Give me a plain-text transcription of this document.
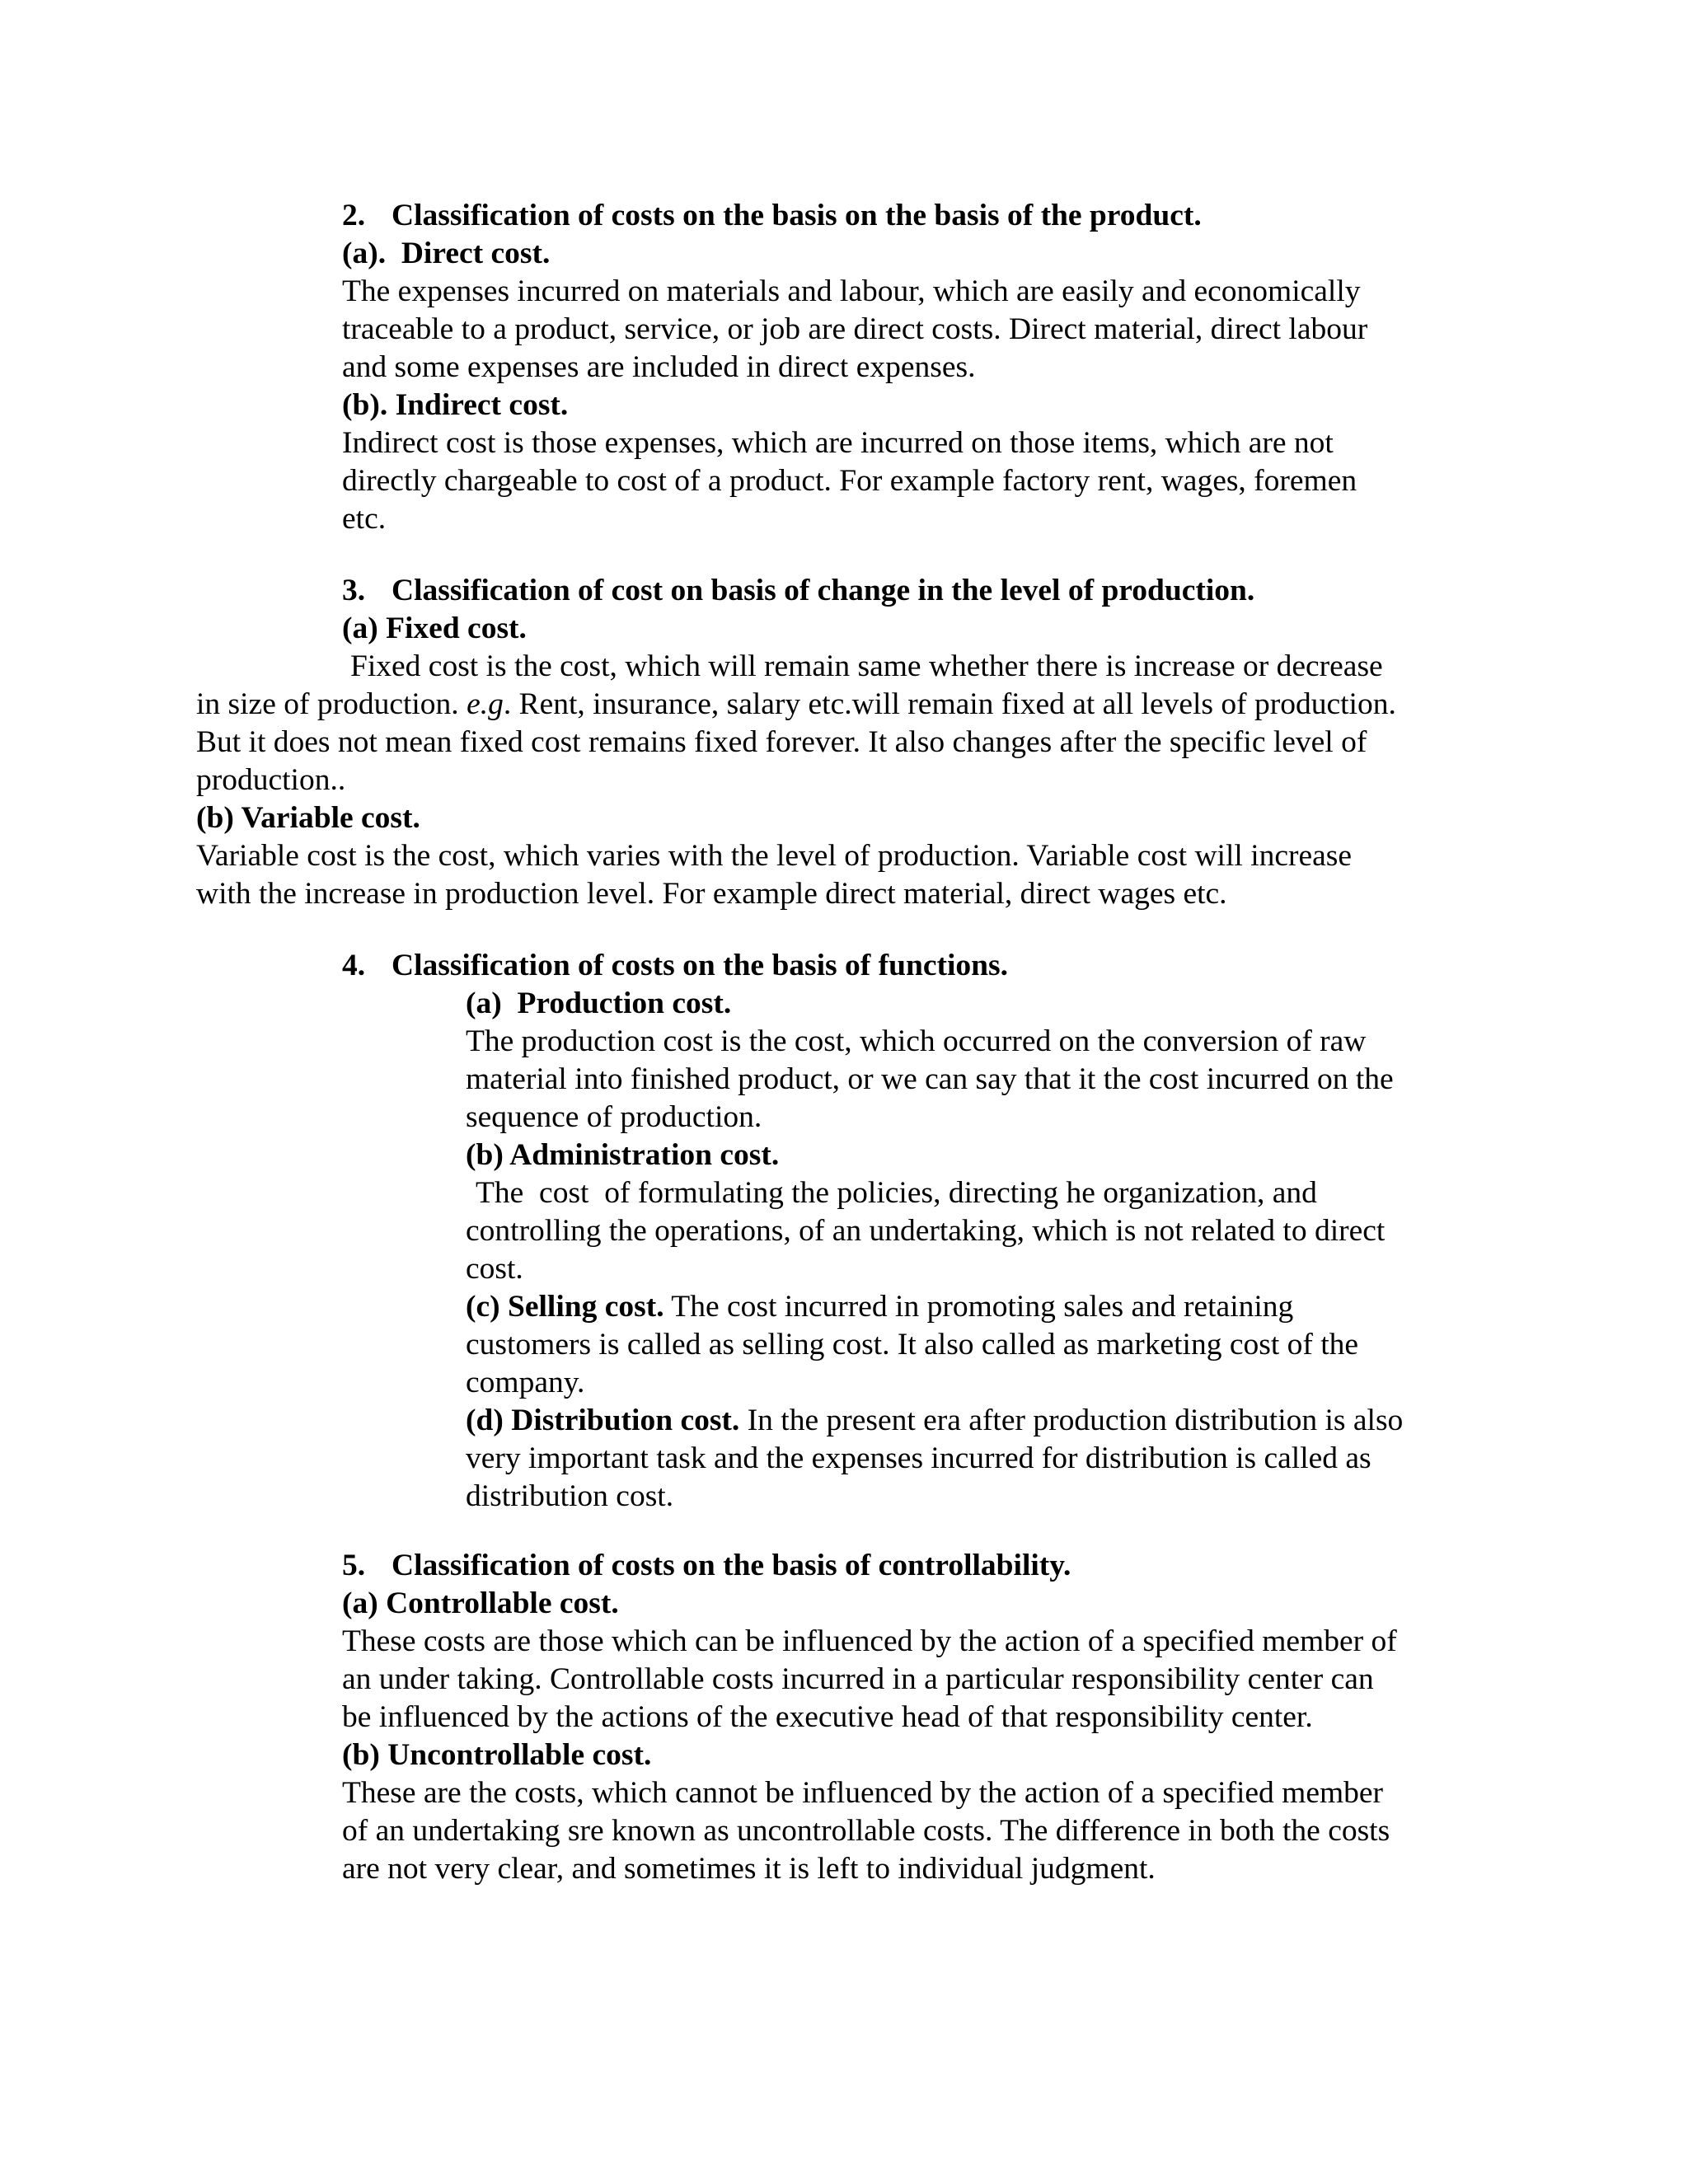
2. Classification of costs on the basis on the basis of the product.
(a).  Direct cost.
The expenses incurred on materials and labour, which are easily and economically
traceable to a product, service, or job are direct costs. Direct material, direct labour
and some expenses are included in direct expenses.
(b). Indirect cost.
Indirect cost is those expenses, which are incurred on those items, which are not
directly chargeable to cost of a product. For example factory rent, wages, foremen
etc.
3. Classification of cost on basis of change in the level of production.
(a) Fixed cost.
Fixed cost is the cost, which will remain same whether there is increase or decrease
in size of production. e.g. Rent, insurance, salary etc.will remain fixed at all levels of production.
But it does not mean fixed cost remains fixed forever. It also changes after the specific level of
production..
(b) Variable cost.
Variable cost is the cost, which varies with the level of production. Variable cost will increase
with the increase in production level. For example direct material, direct wages etc.
4. Classification of costs on the basis of functions.
(a)  Production cost.
The production cost is the cost, which occurred on the conversion of raw
material into finished product, or we can say that it the cost incurred on the
sequence of production.
(b) Administration cost.
The  cost  of formulating the policies, directing he organization, and
controlling the operations, of an undertaking, which is not related to direct
cost.
(c) Selling cost. The cost incurred in promoting sales and retaining
customers is called as selling cost. It also called as marketing cost of the
company.
(d) Distribution cost. In the present era after production distribution is also
very important task and the expenses incurred for distribution is called as
distribution cost.
5. Classification of costs on the basis of controllability.
(a) Controllable cost.
These costs are those which can be influenced by the action of a specified member of
an under taking. Controllable costs incurred in a particular responsibility center can
be influenced by the actions of the executive head of that responsibility center.
(b) Uncontrollable cost.
These are the costs, which cannot be influenced by the action of a specified member
of an undertaking sre known as uncontrollable costs. The difference in both the costs
are not very clear, and sometimes it is left to individual judgment.
